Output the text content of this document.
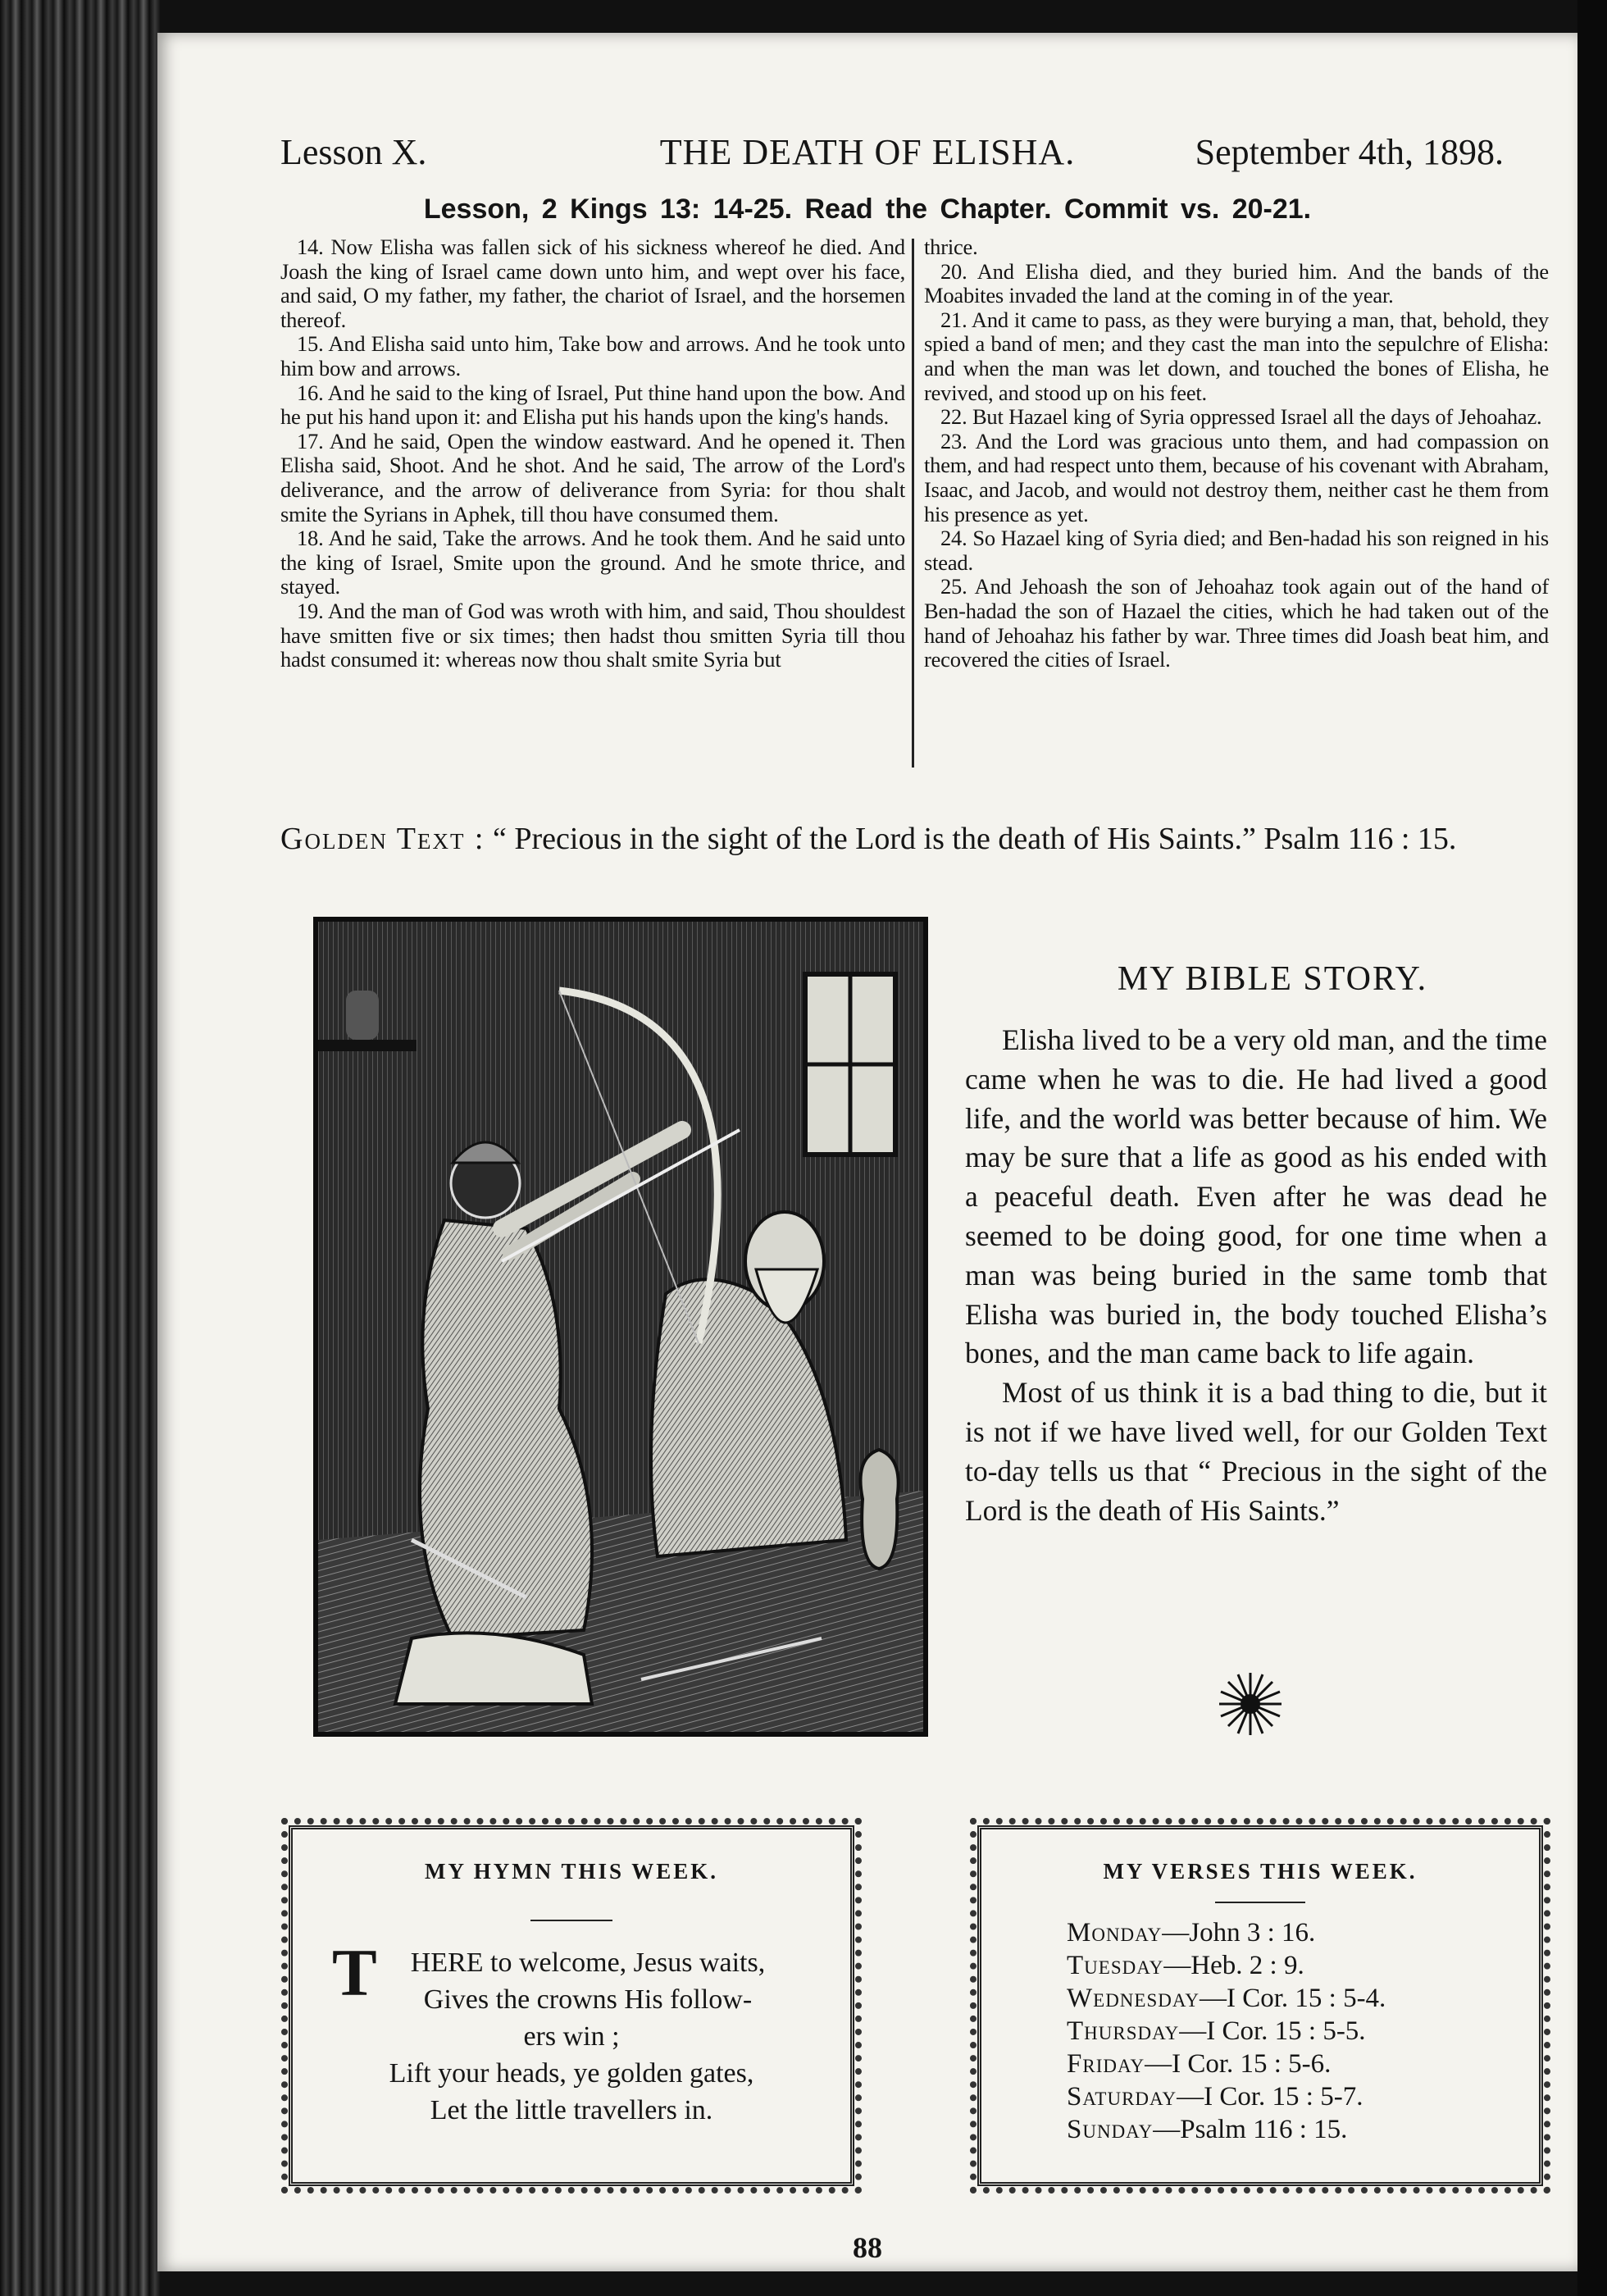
Lesson X.	THE DEATH OF ELISHA.	September 4th, 1898.
Lesson, 2 Kings 13: 14-25. Read the Chapter. Commit vs. 20-21.

14. Now Elisha was fallen sick of his sickness whereof he died. And Joash the king of Israel came down unto him, and wept over his face, and said, O my father, my father, the chariot of Israel, and the horsemen thereof.

15. And Elisha said unto him, Take bow and arrows. And he took unto him bow and arrows.

16. And he said to the king of Israel, Put thine hand upon the bow. And he put his hand upon it: and Elisha put his hands upon the king's hands.

17. And he said, Open the window eastward. And he opened it. Then Elisha said, Shoot. And he shot. And he said, The arrow of the Lord's deliverance, and the arrow of deliverance from Syria: for thou shalt smite the Syrians in Aphek, till thou have consumed them.

18. And he said, Take the arrows. And he took them. And he said unto the king of Israel, Smite upon the ground. And he smote thrice, and stayed.

19. And the man of God was wroth with him, and said, Thou shouldest have smitten five or six times; then hadst thou smitten Syria till thou hadst consumed it: whereas now thou shalt smite Syria but

thrice.

20. And Elisha died, and they buried him. And the bands of the Moabites invaded the land at the coming in of the year.

21. And it came to pass, as they were burying a man, that, behold, they spied a band of men; and they cast the man into the sepulchre of Elisha: and when the man was let down, and touched the bones of Elisha, he revived, and stood up on his feet.

22. But Hazael king of Syria oppressed Israel all the days of Jehoahaz.

23. And the Lord was gracious unto them, and had compassion on them, and had respect unto them, because of his covenant with Abraham, Isaac, and Jacob, and would not destroy them, neither cast he them from his presence as yet.

24. So Hazael king of Syria died; and Ben-hadad his son reigned in his stead.

25. And Jehoash the son of Jehoahaz took again out of the hand of Ben-hadad the son of Hazael the cities, which he had taken out of the hand of Jehoahaz his father by war. Three times did Joash beat him, and recovered the cities of Israel.

Golden Text : “ Precious in the sight of the Lord is the death of His Saints.” Psalm 116 : 15.
MY BIBLE STORY.

Elisha lived to be a very old man, and the time came when he was to die. He had lived a good life, and the world was better because of him. We may be sure that a life as good as his ended with a peaceful death. Even after he was dead he seemed to be doing good, for one time when a man was being buried in the same tomb that Elisha was buried in, the body touched Elisha’s bones, and the man came back to life again.

Most of us think it is a bad thing to die, but it is not if we have lived well, for our Golden Text to-day tells us that “ Precious in the sight of the Lord is the death of His Saints.”

MY HYMN THIS WEEK.
T	HERE to welcome, Jesus waits,
Gives the crowns His follow-
ers win ;
Lift your heads, ye golden gates,
Let the little travellers in.
MY VERSES THIS WEEK.
Monday—John 3 : 16.
Tuesday—Heb. 2 : 9.
Wednesday—I Cor. 15 : 5-4.
Thursday—I Cor. 15 : 5-5.
Friday—I Cor. 15 : 5-6.
Saturday—I Cor. 15 : 5-7.
Sunday—Psalm 116 : 15.
88
